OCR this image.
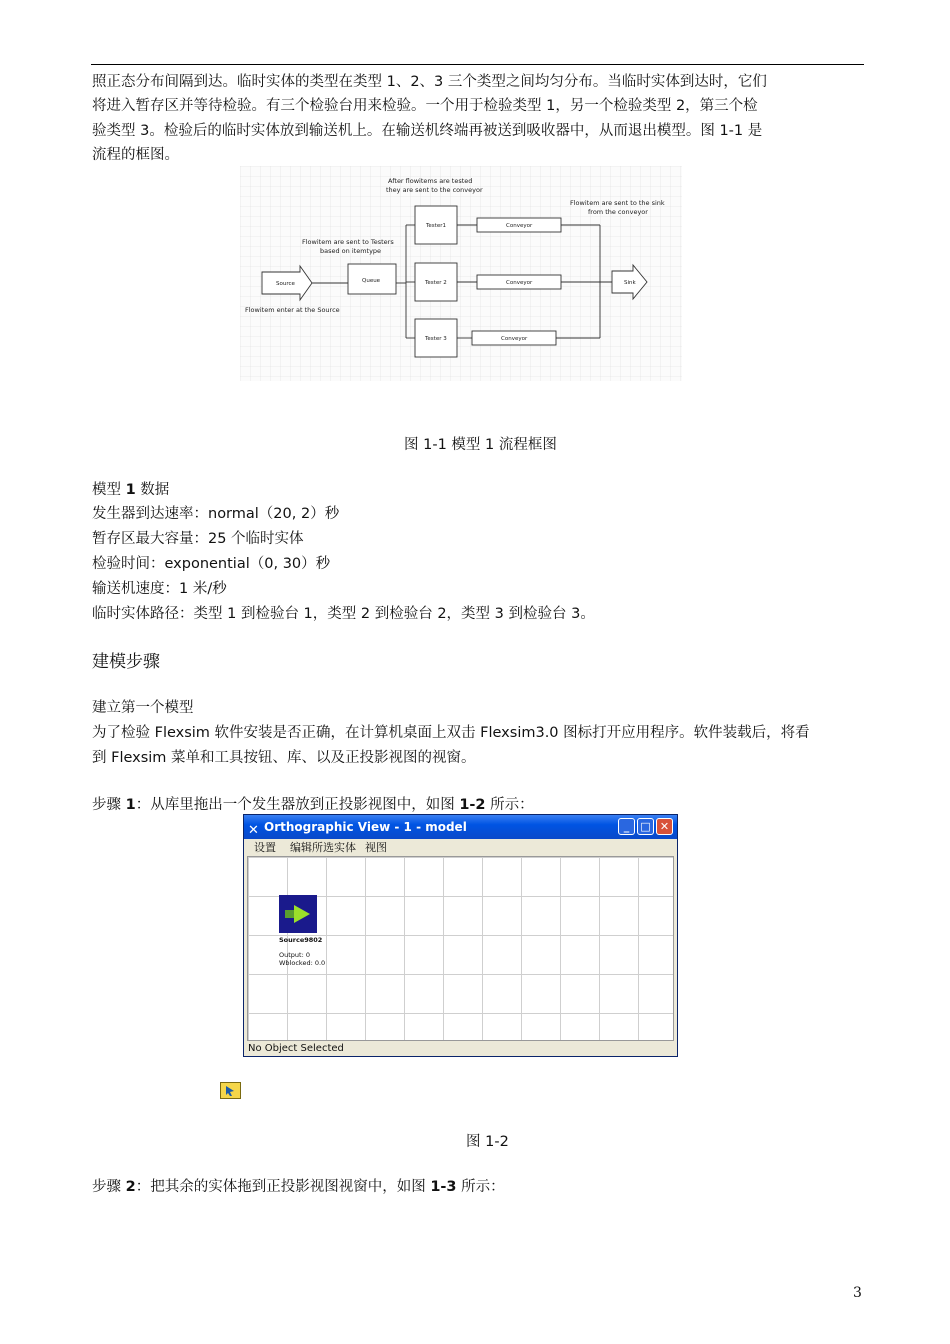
照正态分布间隔到达。临时实体的类型在类型 1、2、3 三个类型之间均匀分布。当临时实体到达时，它们
将进入暂存区并等待检验。有三个检验台用来检验。一个用于检验类型 1，另一个检验类型 2，第三个检
验类型 3。检验后的临时实体放到输送机上。在输送机终端再被送到吸收器中，从而退出模型。图 1-1 是
流程的框图。
After flowitems are tested
they are sent to the conveyor
Flowitem are sent to the sink
from the conveyor
Flowitem are sent to Testers
based on itemtype
Flowitem enter at the Source
Source	Queue
Tester1
Tester 2
Tester 3
Conveyor
Conveyor
Conveyor
Sink
图 1-1 模型 1 流程框图
模型 1 数据
发生器到达速率：normal（20, 2）秒
暂存区最大容量：25 个临时实体
检验时间：exponential（0, 30）秒
输送机速度：1 米/秒
临时实体路径：类型 1 到检验台 1，类型 2 到检验台 2，类型 3 到检验台 3。
建模步骤
建立第一个模型
为了检验 Flexsim 软件安装是否正确，在计算机桌面上双击 Flexsim3.0 图标打开应用程序。软件装载后，将看
到 Flexsim 菜单和工具按钮、库、以及正投影视图的视窗。
步骤 1：从库里拖出一个发生器放到正投影视图中，如图 1-2 所示：
✕ Orthographic View - 1 - model	_	□ ✕
设置 编辑所选实体 视图
Source9802
Output: 0
Wblocked: 0.0
No Object Selected
图 1-2
步骤 2：把其余的实体拖到正投影视图视窗中，如图 1-3 所示：
3
